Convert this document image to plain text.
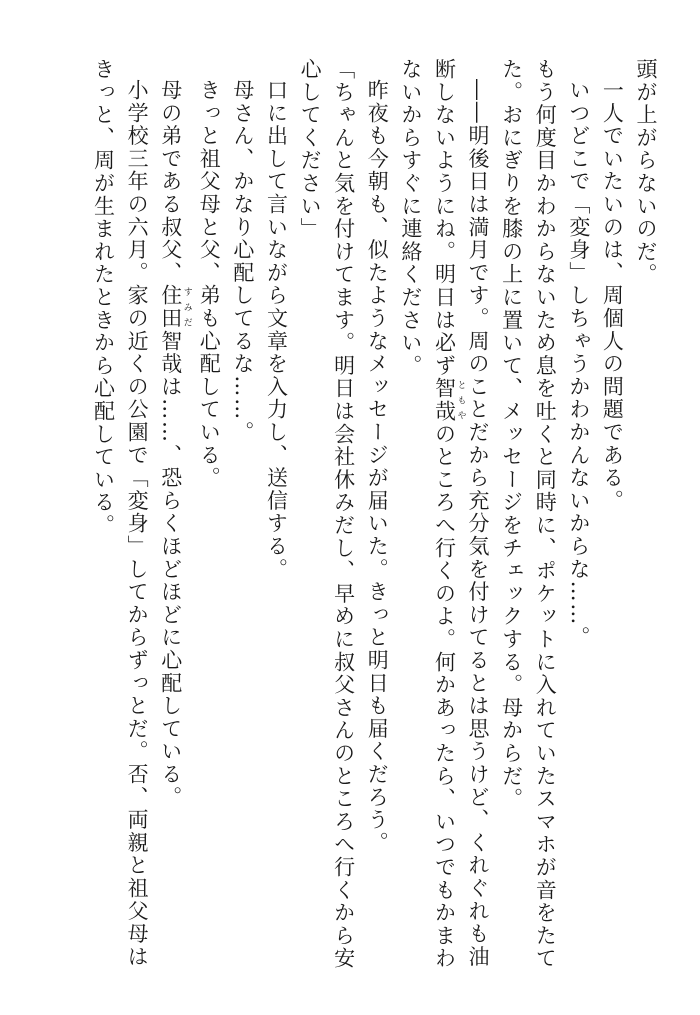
頭が上がらないのだ。

一人でいたいのは、周個人の問題である。

いつどこで「変身」しちゃうかわかんないからな……。

もう何度目かわからないため息を吐くと同時に、ポケットに入れていたスマホが音をたてた。おにぎりを膝の上に置いて、メッセージをチェックする。母からだ。

――明後日は満月です。周のことだから充分気を付けてるとは思うけど、くれぐれも油断しないようにね。明日は必ず智哉 ともやのところへ行くのよ。何かあったら、いつでもかまわないからすぐに連絡ください。

昨夜も今朝も、似たようなメッセージが届いた。きっと明日も届くだろう。

「ちゃんと気を付けてます。明日は会社休みだし、早めに叔父さんのところへ行くから安心してください」

口に出して言いながら文章を入力し、送信する。

母さん、かなり心配してるな……。

きっと祖父母と父、弟も心配している。

母の弟である叔父、住田 すみだ智哉は……、恐らくほどほどに心配している。

小学校三年の六月。家の近くの公園で「変身」してからずっとだ。否、両親と祖父母はきっと、周が生まれたときから心配している。
